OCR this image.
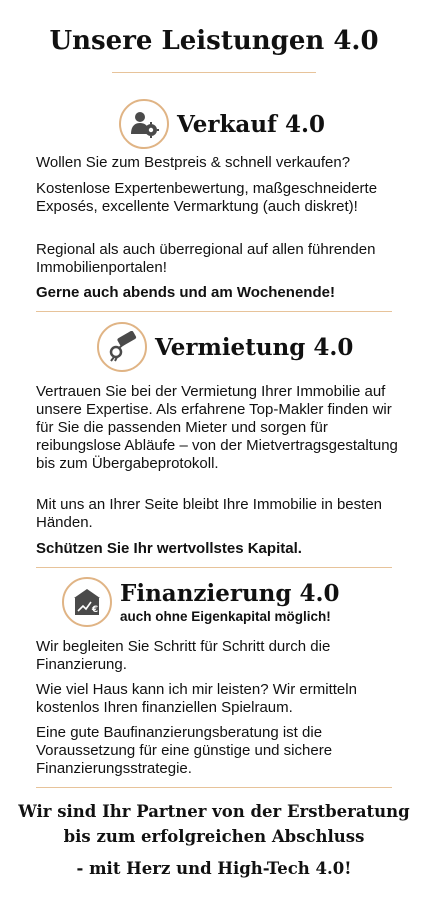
Unsere Leistungen 4.0
Verkauf 4.0

Wollen Sie zum Bestpreis & schnell verkaufen?

Kostenlose Expertenbewertung, maßgeschneiderte Exposés, excellente Vermarktung (auch diskret)!

Regional als auch überregional auf allen führenden Immobilienportalen!

Gerne auch abends und am Wochenende!

Vermietung 4.0

Vertrauen Sie bei der Vermietung Ihrer Immobilie auf unsere Expertise. Als erfahrene Top-Makler finden wir für Sie die passenden Mieter und sorgen für reibungslose Abläufe – von der Mietvertragsgestaltung bis zum Übergabeprotokoll.

Mit uns an Ihrer Seite bleibt Ihre Immobilie in besten Händen.

Schützen Sie Ihr wertvollstes Kapital.

€
Finanzierung 4.0
auch ohne Eigenkapital möglich!

Wir begleiten Sie Schritt für Schritt durch die Finanzierung.

Wie viel Haus kann ich mir leisten? Wir ermitteln kostenlos Ihren finanziellen Spielraum.

Eine gute Baufinanzierungsberatung ist die Voraussetzung für eine günstige und sichere Finanzierungsstrategie.

Wir sind Ihr Partner von der Erstberatung
bis zum erfolgreichen Abschluss
- mit Herz und High-Tech 4.0!
